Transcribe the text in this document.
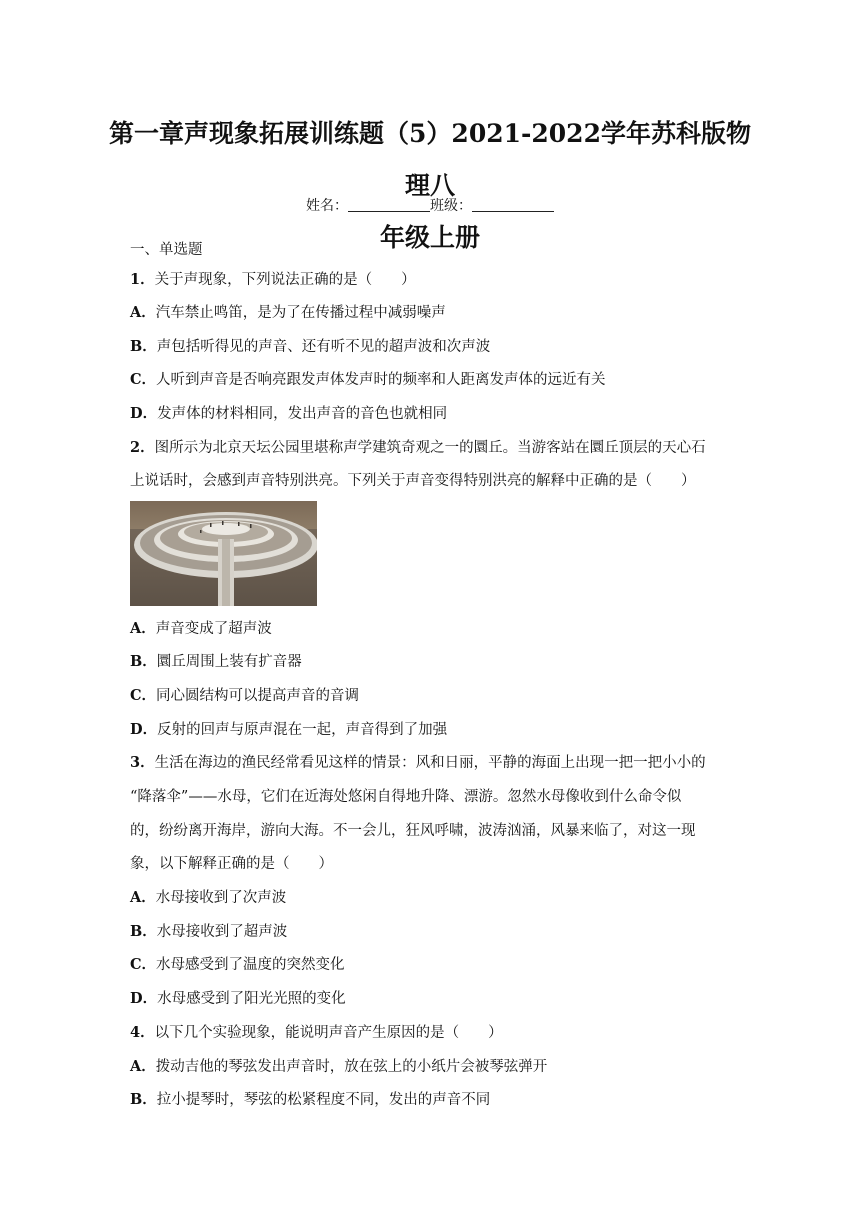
第一章声现象拓展训练题（5）2021-2022学年苏科版物理八
年级上册
姓名：	班级：
一、单选题
1．关于声现象，下列说法正确的是（　　）
A．汽车禁止鸣笛，是为了在传播过程中减弱噪声
B．声包括听得见的声音、还有听不见的超声波和次声波
C．人听到声音是否响亮跟发声体发声时的频率和人距离发声体的远近有关
D．发声体的材料相同，发出声音的音色也就相同
2．图所示为北京天坛公园里堪称声学建筑奇观之一的圜丘。当游客站在圜丘顶层的天心石
上说话时，会感到声音特别洪亮。下列关于声音变得特别洪亮的解释中正确的是（　　）
A．声音变成了超声波
B．圜丘周围上装有扩音器
C．同心圆结构可以提高声音的音调
D．反射的回声与原声混在一起，声音得到了加强
3．生活在海边的渔民经常看见这样的情景：风和日丽，平静的海面上出现一把一把小小的
“降落伞”——水母，它们在近海处悠闲自得地升降、漂游。忽然水母像收到什么命令似
的，纷纷离开海岸，游向大海。不一会儿，狂风呼啸，波涛汹涌，风暴来临了，对这一现
象，以下解释正确的是（　　）
A．水母接收到了次声波
B．水母接收到了超声波
C．水母感受到了温度的突然变化
D．水母感受到了阳光光照的变化
4．以下几个实验现象，能说明声音产生原因的是（　　）
A．拨动吉他的琴弦发出声音时，放在弦上的小纸片会被琴弦弹开
B．拉小提琴时，琴弦的松紧程度不同，发出的声音不同
